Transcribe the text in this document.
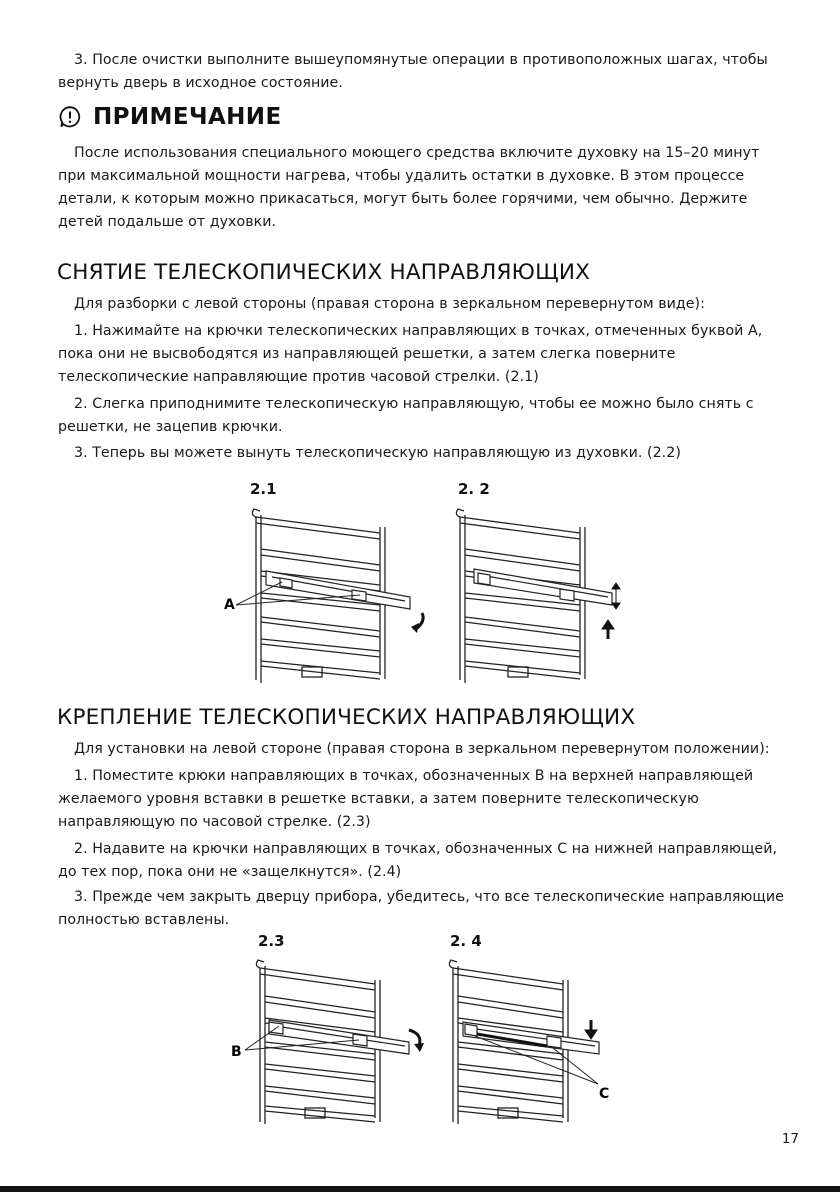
3. После очистки выполните вышеупомянутые операции в противоположных шагах, чтобы вернуть дверь в исходное состояние.

ПРИМЕЧАНИЕ

После использования специального моющего средства включите духовку на 15–20 минут при максимальной мощности нагрева, чтобы удалить остатки в духовке. В этом процессе детали, к которым можно прикасаться, могут быть более горячими, чем обычно. Держите детей подальше от духовки.

СНЯТИЕ ТЕЛЕСКОПИЧЕСКИХ НАПРАВЛЯЮЩИХ

Для разборки с левой стороны (правая сторона в зеркальном перевернутом виде):

1. Нажимайте на крючки телескопических направляющих в точках, отмеченных буквой A, пока они не высвободятся из направляющей решетки, а затем слегка поверните телескопические направляющие против часовой стрелки. (2.1)

2. Слегка приподнимите телескопическую направляющую, чтобы ее можно было снять с решетки, не зацепив крючки.

3. Теперь вы можете вынуть телескопическую направляющую из духовки. (2.2)

2.1	2. 2

A
КРЕПЛЕНИЕ ТЕЛЕСКОПИЧЕСКИХ НАПРАВЛЯЮЩИХ

Для установки на левой стороне (правая сторона в зеркальном перевернутом положении):

1. Поместите крюки направляющих в точках, обозначенных B на верхней направляющей желаемого уровня вставки в решетке вставки, а затем поверните телескопическую направляющую по часовой стрелке. (2.3)

2. Надавите на крючки направляющих в точках, обозначенных C на нижней направляющей, до тех пор, пока они не «защелкнутся». (2.4)

3. Прежде чем закрыть дверцу прибора, убедитесь, что все телескопические направляющие полностью вставлены.

2.3	2. 4

B
C

17
